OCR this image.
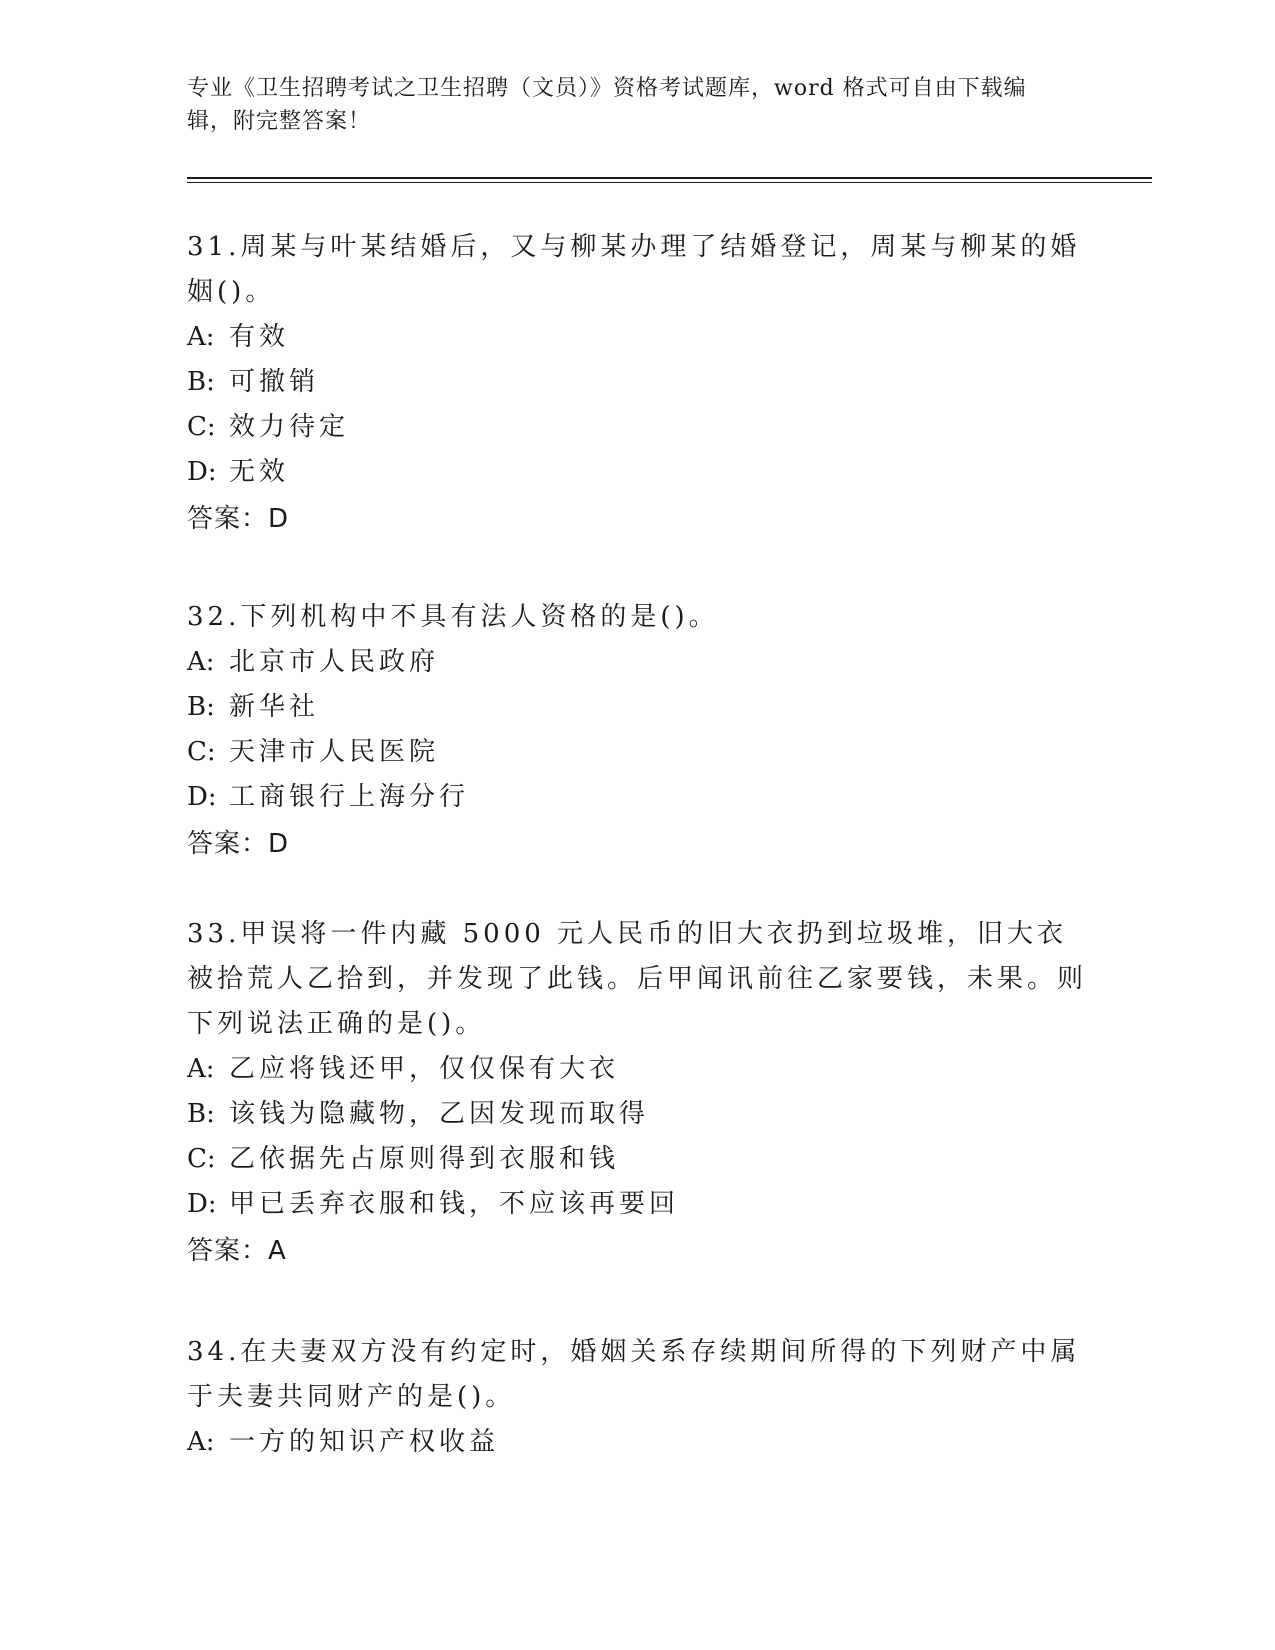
专业《卫生招聘考试之卫生招聘（文员）》资格考试题库，word 格式可自由下载编辑，附完整答案！
31.周某与叶某结婚后，又与柳某办理了结婚登记，周某与柳某的婚姻()。
A: 有效
B: 可撤销
C: 效力待定
D: 无效
答案：D
32.下列机构中不具有法人资格的是()。
A: 北京市人民政府
B: 新华社
C: 天津市人民医院
D: 工商银行上海分行
答案：D
33.甲误将一件内藏 5000 元人民币的旧大衣扔到垃圾堆，旧大衣被拾荒人乙拾到，并发现了此钱。后甲闻讯前往乙家要钱，未果。则下列说法正确的是()。
A: 乙应将钱还甲，仅仅保有大衣
B: 该钱为隐藏物，乙因发现而取得
C: 乙依据先占原则得到衣服和钱
D: 甲已丢弃衣服和钱，不应该再要回
答案：A
34.在夫妻双方没有约定时，婚姻关系存续期间所得的下列财产中属于夫妻共同财产的是()。
A: 一方的知识产权收益
